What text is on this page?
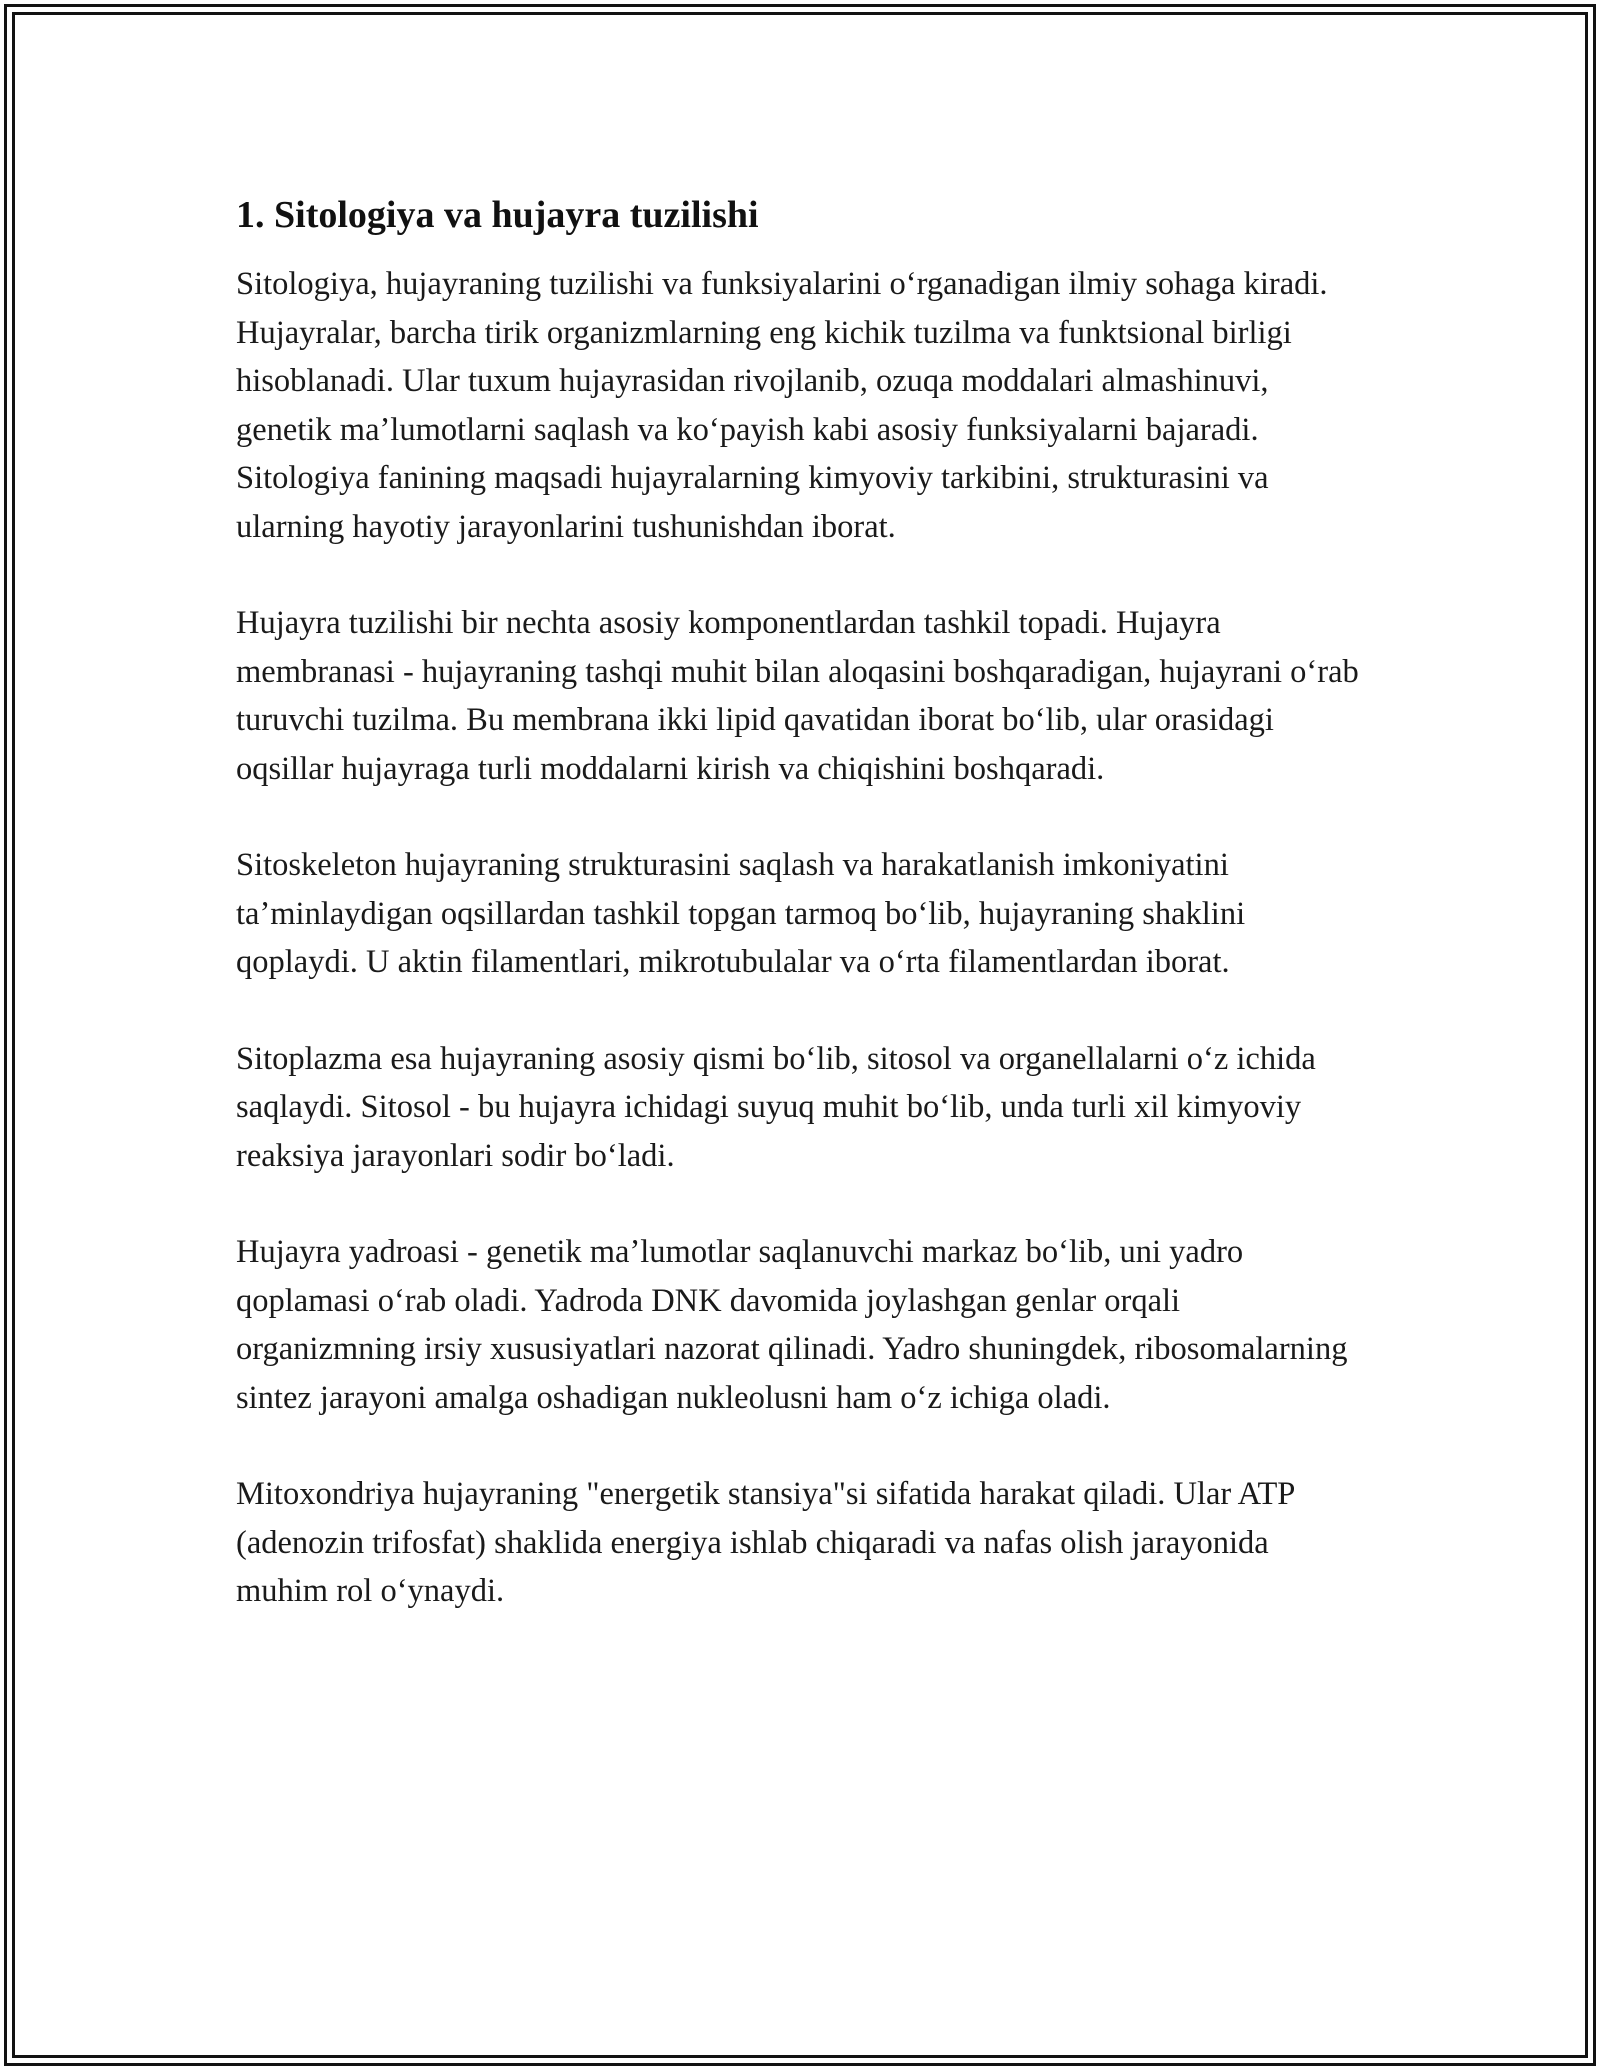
1. Sitologiya va hujayra tuzilishi

Sitologiya, hujayraning tuzilishi va funksiyalarini oʻrganadigan ilmiy sohaga kiradi. Hujayralar, barcha tirik organizmlarning eng kichik tuzilma va funktsional birligi hisoblanadi. Ular tuxum hujayrasidan rivojlanib, ozuqa moddalari almashinuvi, genetik maʼlumotlarni saqlash va koʻpayish kabi asosiy funksiyalarni bajaradi. Sitologiya fanining maqsadi hujayralarning kimyoviy tarkibini, strukturasini va ularning hayotiy jarayonlarini tushunishdan iborat.

Hujayra tuzilishi bir nechta asosiy komponentlardan tashkil topadi. Hujayra membranasi - hujayraning tashqi muhit bilan aloqasini boshqaradigan, hujayrani oʻrab turuvchi tuzilma. Bu membrana ikki lipid qavatidan iborat boʻlib, ular orasidagi oqsillar hujayraga turli moddalarni kirish va chiqishini boshqaradi.

Sitoskeleton hujayraning strukturasini saqlash va harakatlanish imkoniyatini taʼminlaydigan oqsillardan tashkil topgan tarmoq boʻlib, hujayraning shaklini qoplaydi. U aktin filamentlari, mikrotubulalar va oʻrta filamentlardan iborat.

Sitoplazma esa hujayraning asosiy qismi boʻlib, sitosol va organellalarni oʻz ichida saqlaydi. Sitosol - bu hujayra ichidagi suyuq muhit boʻlib, unda turli xil kimyoviy reaksiya jarayonlari sodir boʻladi.

Hujayra yadroasi - genetik maʼlumotlar saqlanuvchi markaz boʻlib, uni yadro qoplamasi oʻrab oladi. Yadroda DNK davomida joylashgan genlar orqali organizmning irsiy xususiyatlari nazorat qilinadi. Yadro shuningdek, ribosomalarning sintez jarayoni amalga oshadigan nukleolusni ham oʻz ichiga oladi.

Mitoxondriya hujayraning "energetik stansiya"si sifatida harakat qiladi. Ular ATP (adenozin trifosfat) shaklida energiya ishlab chiqaradi va nafas olish jarayonida muhim rol oʻynaydi.
